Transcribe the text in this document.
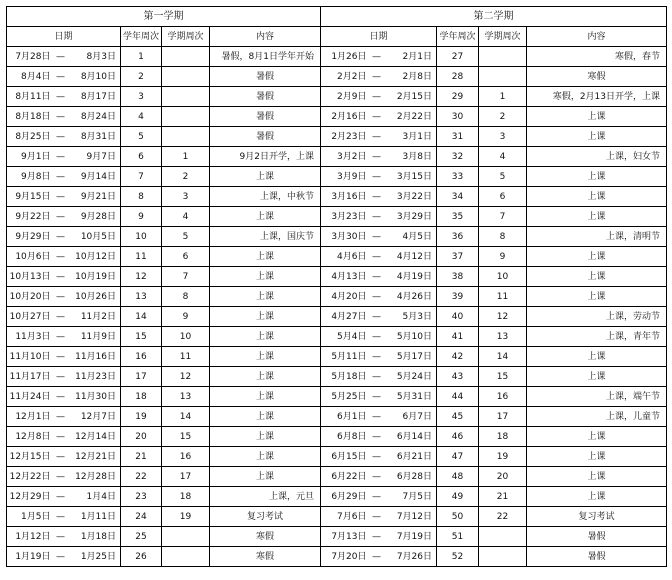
第一学期						第二学期					
日期			学年周次	学期周次	内容	日期			学年周次	学期周次	内容
7月28日	—	8月3日	1		暑假，8月1日学年开始	1月26日	—	2月1日	27		寒假，春节
8月4日	—	8月10日	2		暑假	2月2日	—	2月8日	28		寒假
8月11日	—	8月17日	3		暑假	2月9日	—	2月15日	29	1	寒假，2月13日开学，上课
8月18日	—	8月24日	4		暑假	2月16日	—	2月22日	30	2	上课
8月25日	—	8月31日	5		暑假	2月23日	—	3月1日	31	3	上课
9月1日	—	9月7日	6	1	9月2日开学，上课	3月2日	—	3月8日	32	4	上课，妇女节
9月8日	—	9月14日	7	2	上课	3月9日	—	3月15日	33	5	上课
9月15日	—	9月21日	8	3	上课，中秋节	3月16日	—	3月22日	34	6	上课
9月22日	—	9月28日	9	4	上课	3月23日	—	3月29日	35	7	上课
9月29日	—	10月5日	10	5	上课，国庆节	3月30日	—	4月5日	36	8	上课，清明节
10月6日	—	10月12日	11	6	上课	4月6日	—	4月12日	37	9	上课
10月13日	—	10月19日	12	7	上课	4月13日	—	4月19日	38	10	上课
10月20日	—	10月26日	13	8	上课	4月20日	—	4月26日	39	11	上课
10月27日	—	11月2日	14	9	上课	4月27日	—	5月3日	40	12	上课，劳动节
11月3日	—	11月9日	15	10	上课	5月4日	—	5月10日	41	13	上课，青年节
11月10日	—	11月16日	16	11	上课	5月11日	—	5月17日	42	14	上课
11月17日	—	11月23日	17	12	上课	5月18日	—	5月24日	43	15	上课
11月24日	—	11月30日	18	13	上课	5月25日	—	5月31日	44	16	上课，端午节
12月1日	—	12月7日	19	14	上课	6月1日	—	6月7日	45	17	上课，儿童节
12月8日	—	12月14日	20	15	上课	6月8日	—	6月14日	46	18	上课
12月15日	—	12月21日	21	16	上课	6月15日	—	6月21日	47	19	上课
12月22日	—	12月28日	22	17	上课	6月22日	—	6月28日	48	20	上课
12月29日	—	1月4日	23	18	上课，元旦	6月29日	—	7月5日	49	21	上课
1月5日	—	1月11日	24	19	复习考试	7月6日	—	7月12日	50	22	复习考试
1月12日	—	1月18日	25		寒假	7月13日	—	7月19日	51		暑假
1月19日	—	1月25日	26		寒假	7月20日	—	7月26日	52		暑假
